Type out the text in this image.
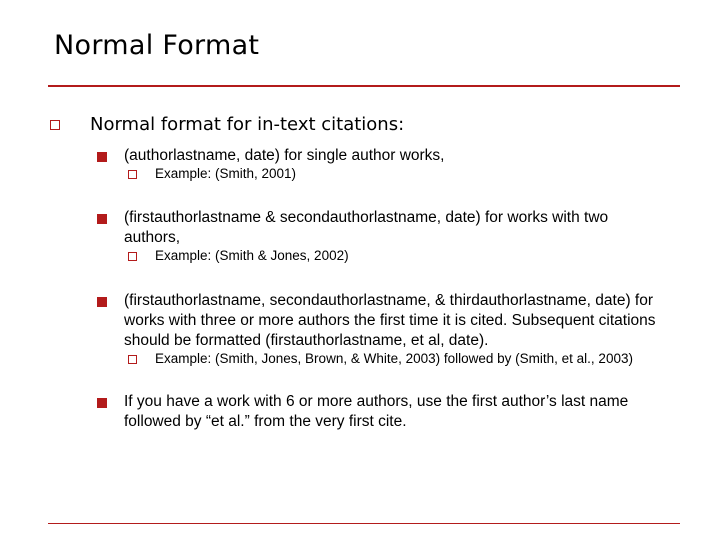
Normal Format
Normal format for in-text citations:
(authorlastname, date) for single author works,
Example: (Smith, 2001)
(firstauthorlastname & secondauthorlastname, date) for works with two authors,
Example: (Smith & Jones, 2002)
(firstauthorlastname, secondauthorlastname, & thirdauthorlastname, date) for works with three or more authors the first time it is cited. Subsequent citations should be formatted (firstauthorlastname, et al, date).
Example: (Smith, Jones, Brown, & White, 2003) followed by (Smith, et al., 2003)
If you have a work with 6 or more authors, use the first author’s last name followed by “et al.” from the very first cite.
